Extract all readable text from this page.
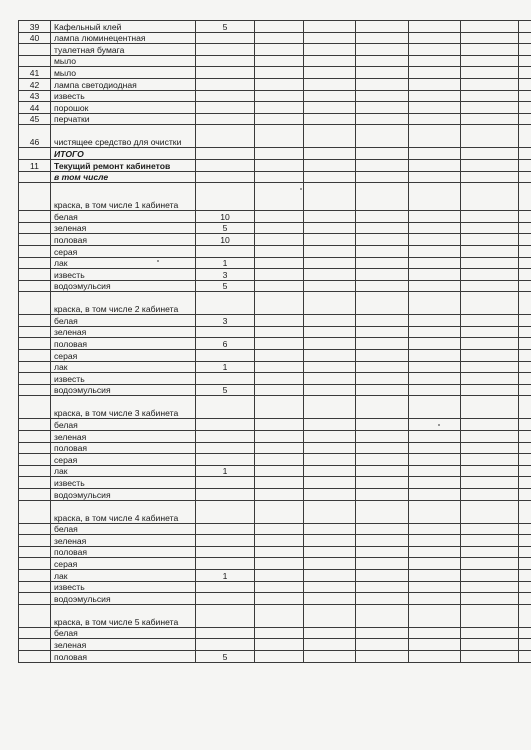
39	Кафельный клей	5						
40	лампа люминецентная							
	туалетная бумага							
	мыло							
41	мыло							
42	лампа светодиодная							
43	известь							
44	порошок							
45	перчатки							
46	чистящее средство для очистки							
	ИТОГО							
11	Текущий ремонт кабинетов							
	в том числе							
	краска, в том числе 1 кабинета							
	белая	10						
	зеленая	5						
	половая	10						
	серая							
	лак	1						
	известь	3						
	водоэмульсия	5						
	краска, в том числе 2 кабинета							
	белая	3						
	зеленая							
	половая	6						
	серая							
	лак	1						
	известь							
	водоэмульсия	5						
	краска, в том числе 3 кабинета							
	белая							
	зеленая							
	половая							
	серая							
	лак	1						
	известь							
	водоэмульсия							
	краска, в том числе 4 кабинета							
	белая							
	зеленая							
	половая							
	серая							
	лак	1						
	известь							
	водоэмульсия							
	краска, в том числе 5 кабинета							
	белая							
	зеленая							
	половая	5						
